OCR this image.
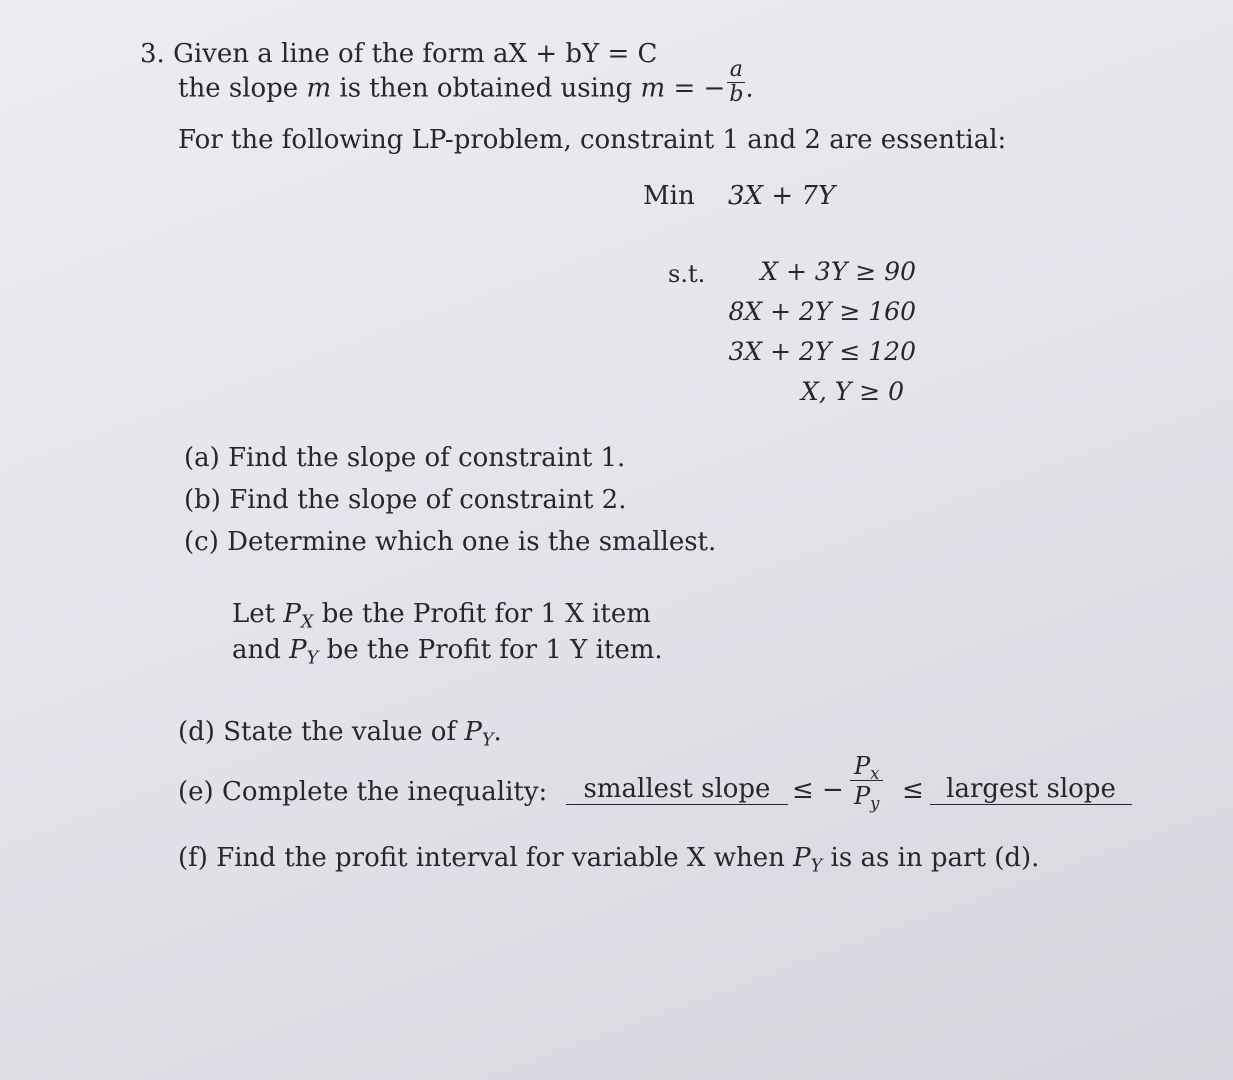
3. Given a line of the form aX + bY = C
the slope m is then obtained using m = − $\frac{a}{b}$ .
For the following LP-problem, constraint 1 and 2 are essential:
Min 3X + 7Y
s.t.	X + 3Y ≥ 90
8X + 2Y ≥ 160
3X + 2Y ≤ 120
X, Y ≥ 0
(a) Find the slope of constraint 1.
(b) Find the slope of constraint 2.
(c) Determine which one is the smallest.
Let $P_X$ be the Profit for 1 X item
and $P_Y$ be the Profit for 1 Y item.
(d) State the value of $P_Y$.
(e) Complete the inequality:	smallest slope ≤ − $\frac{P_x}{P_y}$ ≤ largest slope
(f) Find the profit interval for variable X when $P_Y$ is as in part (d).
